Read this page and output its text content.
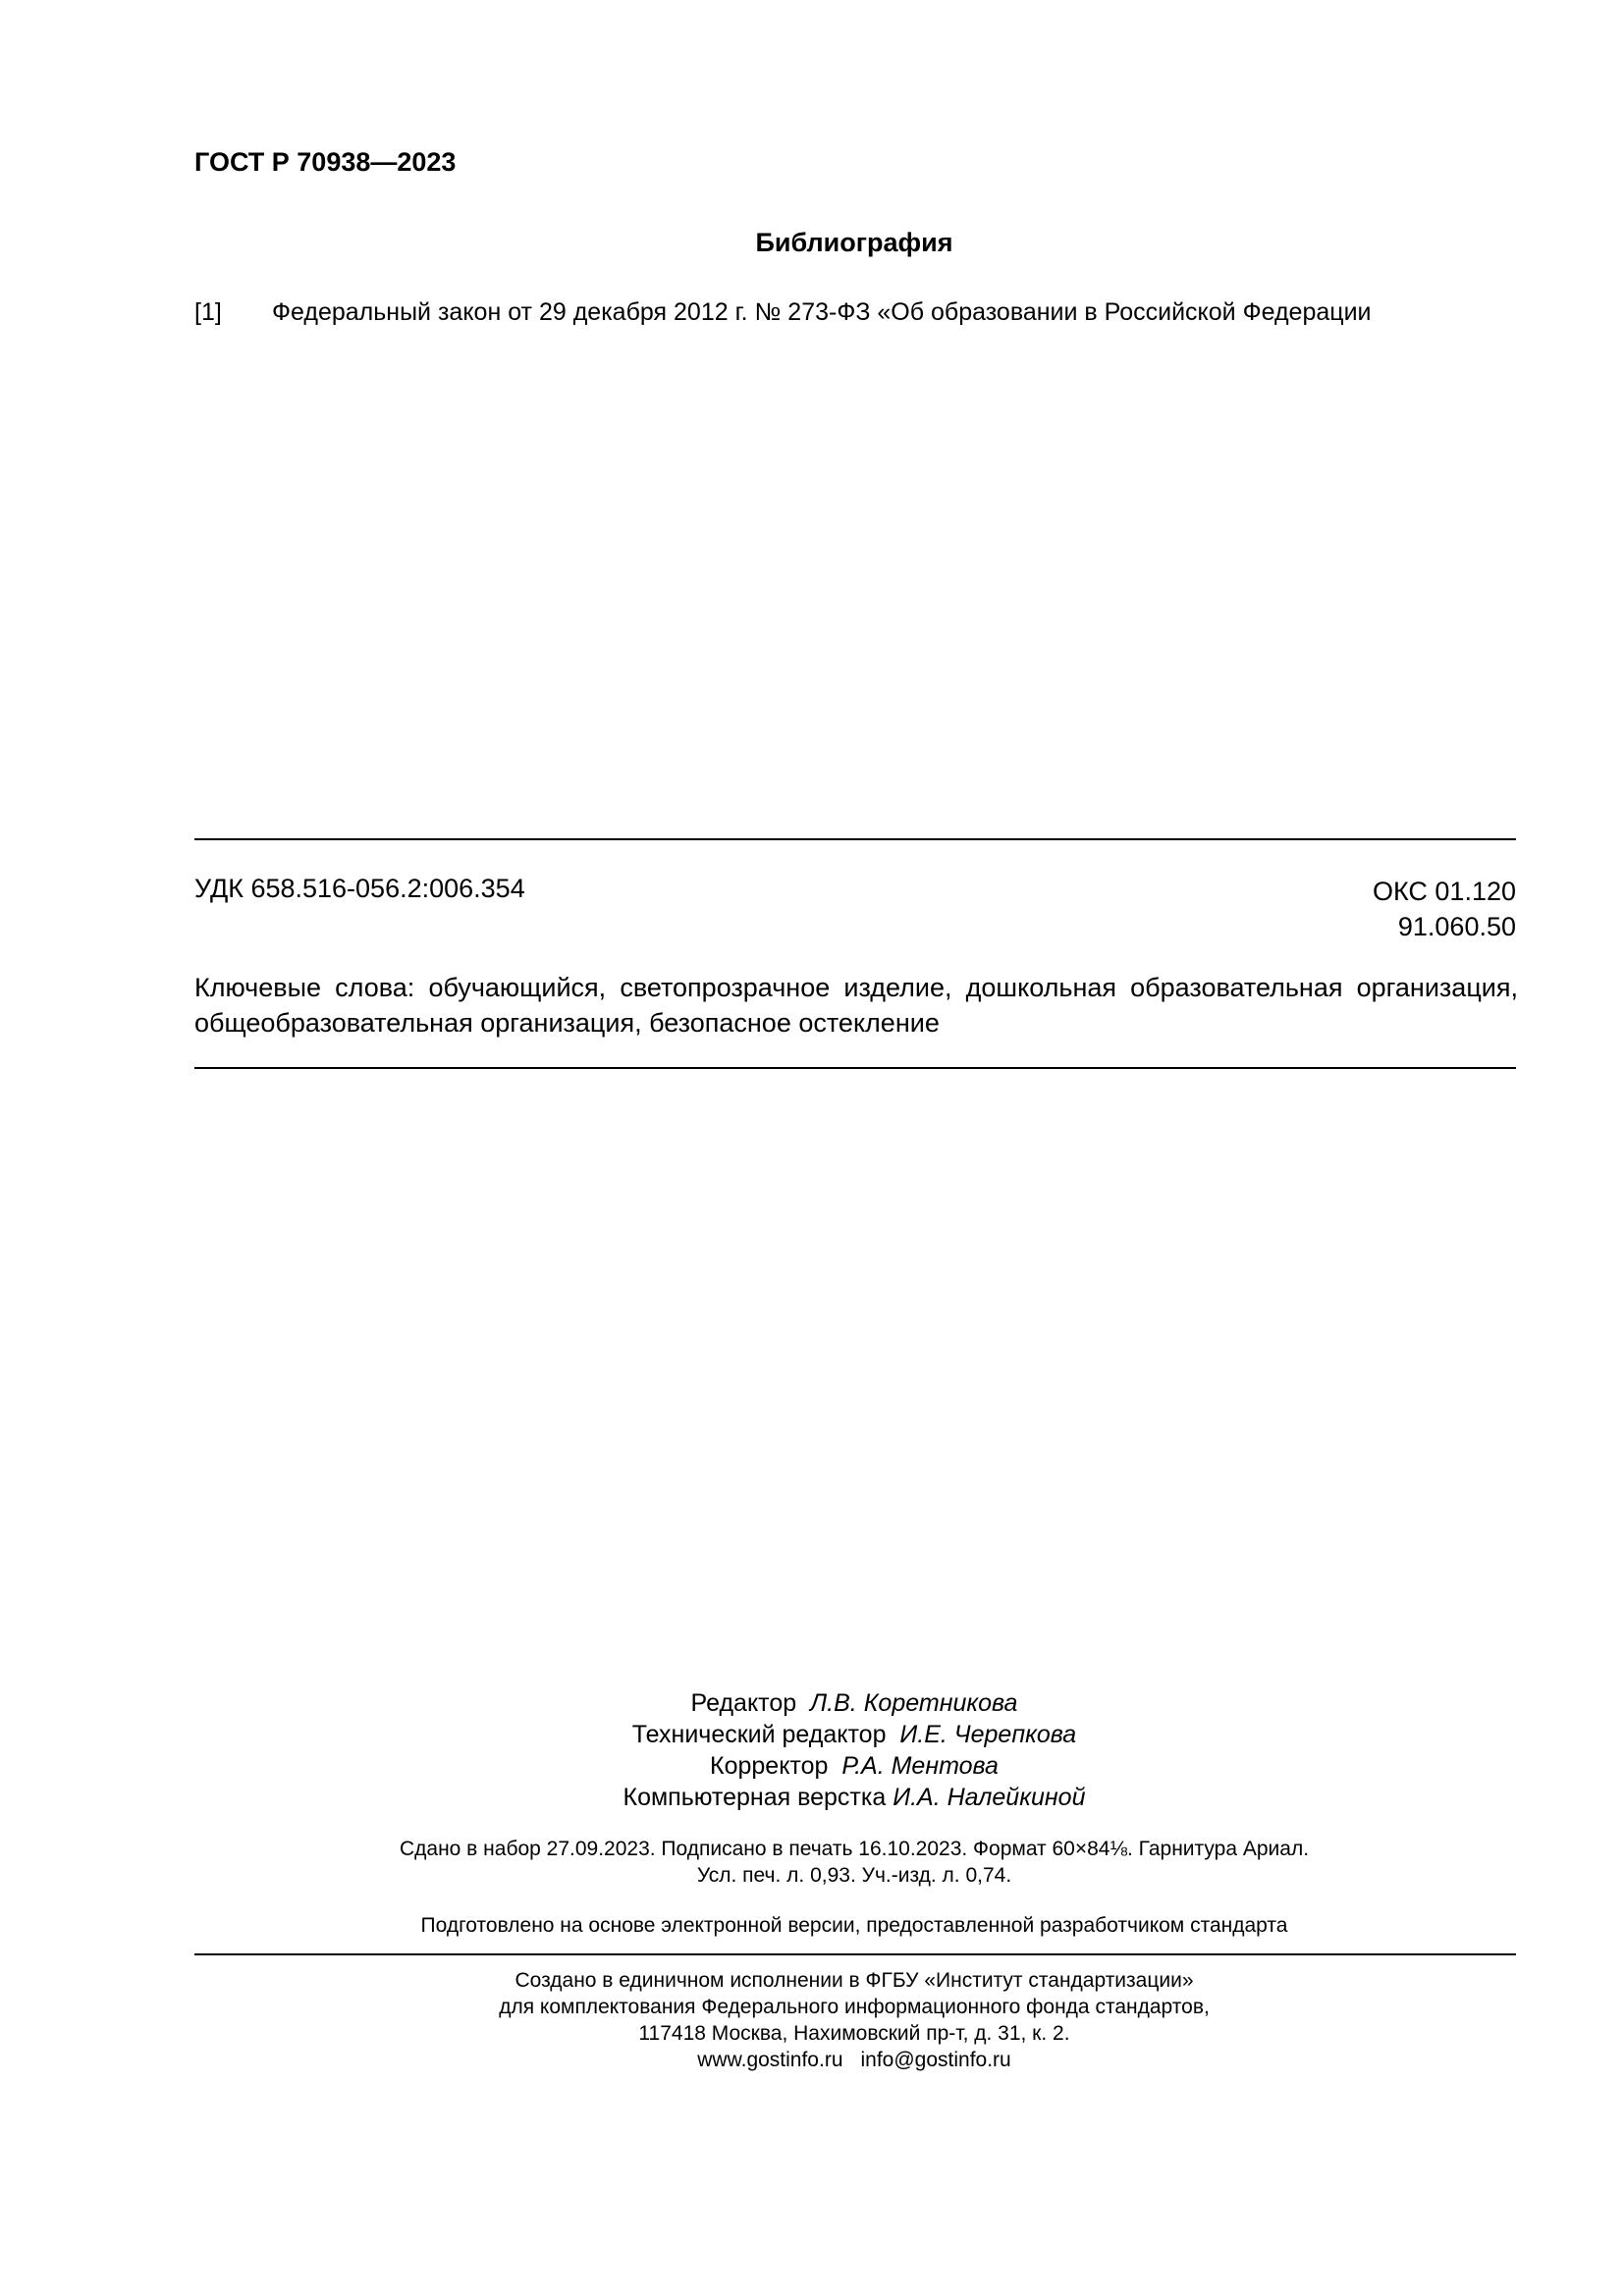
ГОСТ Р 70938—2023
Библиография
[1] Федеральный закон от 29 декабря 2012 г. № 273-ФЗ «Об образовании в Российской Федерации
УДК 658.516-056.2:006.354	ОКС 01.120
91.060.50
Ключевые слова: обучающийся, светопрозрачное изделие, дошкольная образовательная организация, общеобразовательная организация, безопасное остекление
Редактор Л.В. Коретникова
Технический редактор И.Е. Черепкова
Корректор Р.А. Ментова
Компьютерная верстка И.А. Налейкиной
Сдано в набор 27.09.2023. Подписано в печать 16.10.2023. Формат 60×84⅛. Гарнитура Ариал.
Усл. печ. л. 0,93. Уч.-изд. л. 0,74.
Подготовлено на основе электронной версии, предоставленной разработчиком стандарта
Создано в единичном исполнении в ФГБУ «Институт стандартизации»
для комплектования Федерального информационного фонда стандартов,
117418 Москва, Нахимовский пр-т, д. 31, к. 2.
www.gostinfo.ru info@gostinfo.ru
